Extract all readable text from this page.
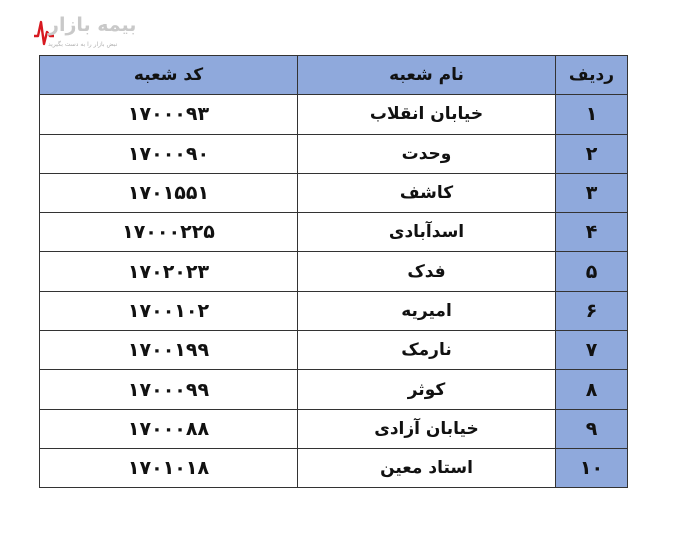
بیمه بازار
نبض بازار را به دست بگیرید
ردیف	نام شعبه	کد شعبه
۱	خیابان انقلاب	۱۷۰۰۰۹۳
۲	وحدت	۱۷۰۰۰۹۰
۳	کاشف	۱۷۰۱۵۵۱
۴	اسدآبادی	۱۷۰۰۰۲۲۵
۵	فدک	۱۷۰۲۰۲۳
۶	امیریه	۱۷۰۰۱۰۲
۷	نارمک	۱۷۰۰۱۹۹
۸	کوثر	۱۷۰۰۰۹۹
۹	خیابان آزادی	۱۷۰۰۰۸۸
۱۰	استاد معین	۱۷۰۱۰۱۸
